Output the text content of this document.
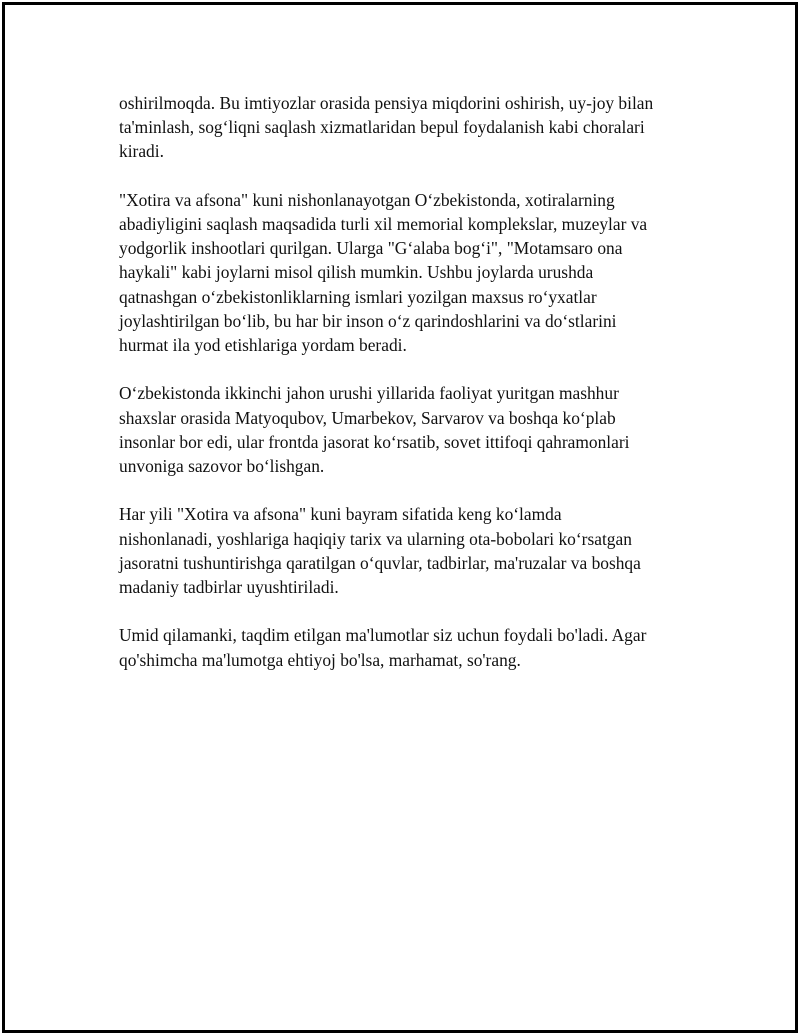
oshirilmoqda. Bu imtiyozlar orasida pensiya miqdorini oshirish, uy-joy bilan
ta'minlash, sog‘liqni saqlash xizmatlaridan bepul foydalanish kabi choralari
kiradi.

"Xotira va afsona" kuni nishonlanayotgan O‘zbekistonda, xotiralarning
abadiyligini saqlash maqsadida turli xil memorial komplekslar, muzeylar va
yodgorlik inshootlari qurilgan. Ularga "G‘alaba bog‘i", "Motamsaro ona
haykali" kabi joylarni misol qilish mumkin. Ushbu joylarda urushda
qatnashgan o‘zbekistonliklarning ismlari yozilgan maxsus ro‘yxatlar
joylashtirilgan bo‘lib, bu har bir inson o‘z qarindoshlarini va do‘stlarini
hurmat ila yod etishlariga yordam beradi.

O‘zbekistonda ikkinchi jahon urushi yillarida faoliyat yuritgan mashhur
shaxslar orasida Matyoqubov, Umarbekov, Sarvarov va boshqa ko‘plab
insonlar bor edi, ular frontda jasorat ko‘rsatib, sovet ittifoqi qahramonlari
unvoniga sazovor bo‘lishgan.

Har yili "Xotira va afsona" kuni bayram sifatida keng ko‘lamda
nishonlanadi, yoshlariga haqiqiy tarix va ularning ota-bobolari ko‘rsatgan
jasoratni tushuntirishga qaratilgan o‘quvlar, tadbirlar, ma'ruzalar va boshqa
madaniy tadbirlar uyushtiriladi.

Umid qilamanki, taqdim etilgan ma'lumotlar siz uchun foydali bo'ladi. Agar
qo'shimcha ma'lumotga ehtiyoj bo'lsa, marhamat, so'rang.
